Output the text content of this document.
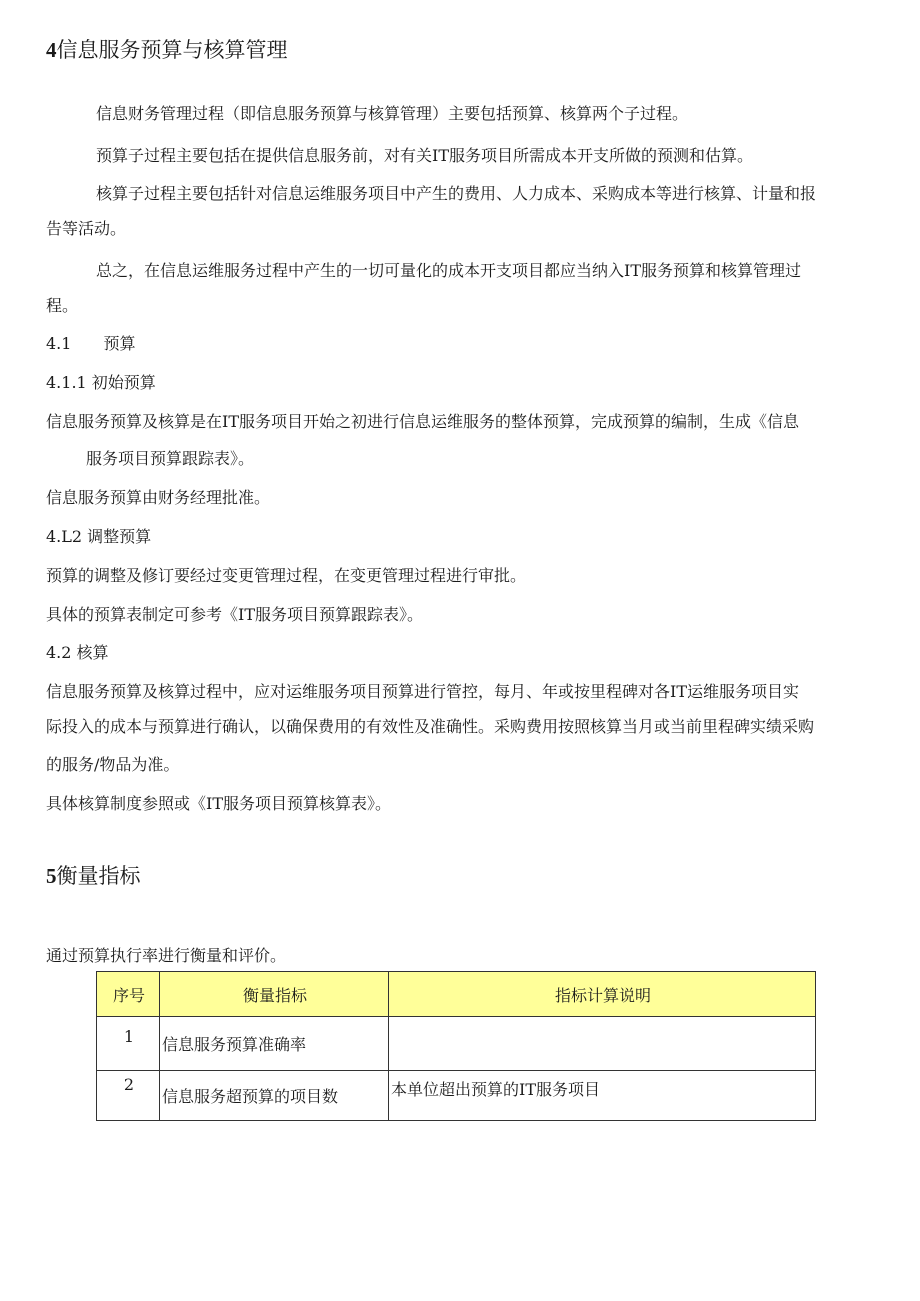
4信息服务预算与核算管理
信息财务管理过程（即信息服务预算与核算管理）主要包括预算、核算两个子过程。
预算子过程主要包括在提供信息服务前，对有关IT服务项目所需成本开支所做的预测和估算。
核算子过程主要包括针对信息运维服务项目中产生的费用、人力成本、采购成本等进行核算、计量和报
告等活动。
总之，在信息运维服务过程中产生的一切可量化的成本开支项目都应当纳入IT服务预算和核算管理过
程。
4.1　　预算
4.1.1 初始预算
信息服务预算及核算是在IT服务项目开始之初进行信息运维服务的整体预算，完成预算的编制，生成《信息
服务项目预算跟踪表》。
信息服务预算由财务经理批准。
4.L2 调整预算
预算的调整及修订要经过变更管理过程，在变更管理过程进行审批。
具体的预算表制定可参考《IT服务项目预算跟踪表》。
4.2 核算
信息服务预算及核算过程中，应对运维服务项目预算进行管控，每月、年或按里程碑对各IT运维服务项目实
际投入的成本与预算进行确认，以确保费用的有效性及准确性。采购费用按照核算当月或当前里程碑实绩采购
的服务/物品为准。
具体核算制度参照或《IT服务项目预算核算表》。
5衡量指标
通过预算执行率进行衡量和评价。
序号	衡量指标	指标计算说明
1	信息服务预算准确率	
2	信息服务超预算的项目数	本单位超出预算的IT服务项目
